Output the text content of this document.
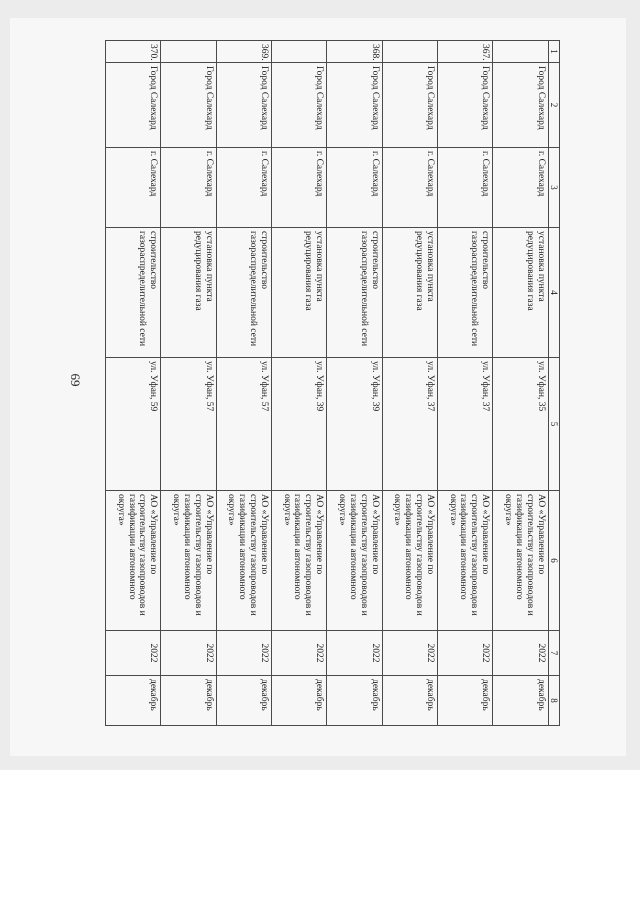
69
1	2	3	4	5	6	7	8
	Город Салехард	г. Салехард	установка пункта редуцирования газа	ул. Уфан, 35	АО «Управление по строительству газопроводов и газификации автономного округа»	2022	декабрь
367.	Город Салехард	г. Салехард	строительство газораспределительной сети	ул. Уфан, 37	АО «Управление по строительству газопроводов и газификации автономного округа»	2022	декабрь
	Город Салехард	г. Салехард	установка пункта редуцирования газа	ул. Уфан, 37	АО «Управление по строительству газопроводов и газификации автономного округа»	2022	декабрь
368.	Город Салехард	г. Салехард	строительство газораспределительной сети	ул. Уфан, 39	АО «Управление по строительству газопроводов и газификации автономного округа»	2022	декабрь
	Город Салехард	г. Салехард	установка пункта редуцирования газа	ул. Уфан, 39	АО «Управление по строительству газопроводов и газификации автономного округа»	2022	декабрь
369.	Город Салехард	г. Салехард	строительство газораспределительной сети	ул. Уфан, 57	АО «Управление по строительству газопроводов и газификации автономного округа»	2022	декабрь
	Город Салехард	г. Салехард	установка пункта редуцирования газа	ул. Уфан, 57	АО «Управление по строительству газопроводов и газификации автономного округа»	2022	декабрь
370.	Город Салехард	г. Салехард	строительство газораспределительной сети	ул. Уфан, 59	АО «Управление по строительству газопроводов и газификации автономного округа»	2022	декабрь
